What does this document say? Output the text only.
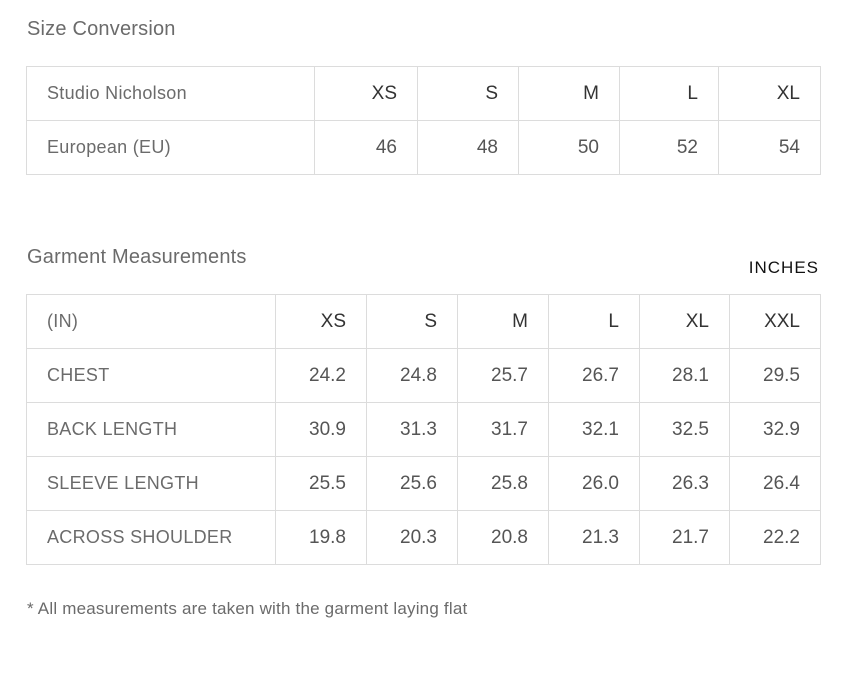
Size Conversion
Studio Nicholson	XS	S	M	L	XL
European (EU)	46	48	50	52	54
Garment Measurements	INCHES
(IN)	XS	S	M	L	XL	XXL
CHEST	24.2	24.8	25.7	26.7	28.1	29.5
BACK LENGTH	30.9	31.3	31.7	32.1	32.5	32.9
SLEEVE LENGTH	25.5	25.6	25.8	26.0	26.3	26.4
ACROSS SHOULDER	19.8	20.3	20.8	21.3	21.7	22.2
* All measurements are taken with the garment laying flat
